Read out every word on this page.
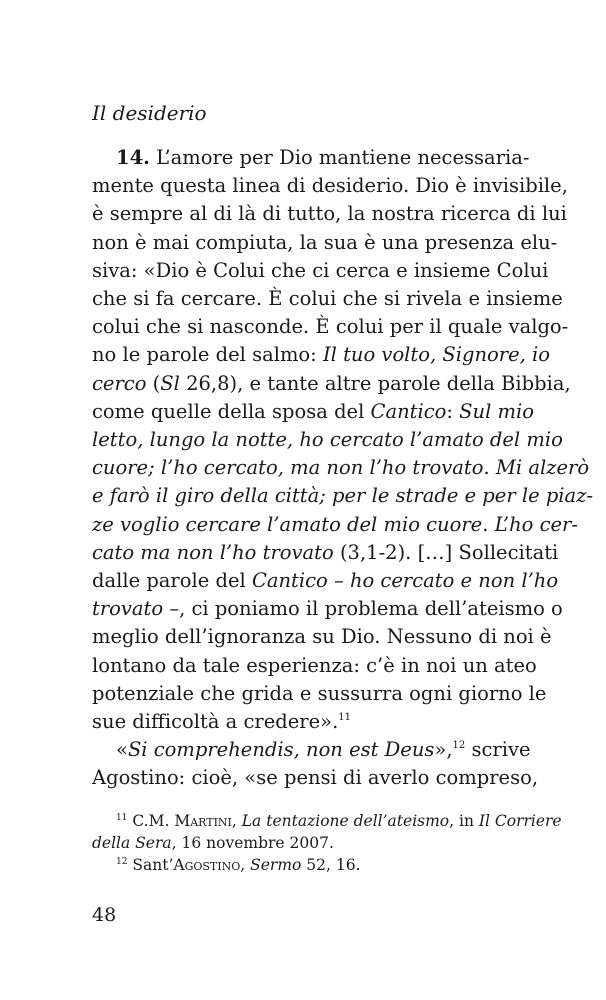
Il desiderio

14. L’amore per Dio mantiene necessaria-
mente questa linea di desiderio. Dio è invisibile,
è sempre al di là di tutto, la nostra ricerca di lui
non è mai compiuta, la sua è una presenza elu-
siva: «Dio è Colui che ci cerca e insieme Colui
che si fa cercare. È colui che si rivela e insieme
colui che si nasconde. È colui per il quale valgo-
no le parole del salmo: Il tuo volto, Signore, io
cerco (Sl 26,8), e tante altre parole della Bibbia,
come quelle della sposa del Cantico: Sul mio
letto, lungo la notte, ho cercato l’amato del mio
cuore; l’ho cercato, ma non l’ho trovato. Mi alzerò
e farò il giro della città; per le strade e per le piaz-
ze voglio cercare l’amato del mio cuore. L’ho cer-
cato ma non l’ho trovato (3,1-2). […] Sollecitati
dalle parole del Cantico – ho cercato e non l’ho
trovato –, ci poniamo il problema dell’ateismo o
meglio dell’ignoranza su Dio. Nessuno di noi è
lontano da tale esperienza: c’è in noi un ateo
potenziale che grida e sussurra ogni giorno le
sue difficoltà a credere».$^{11}$

«Si comprehendis, non est Deus»,$^{12}$ scrive
Agostino: cioè, «se pensi di averlo compreso,

$^{11}$ C.M. Martini, La tentazione dell’ateismo, in Il Corriere
della Sera, 16 novembre 2007.

$^{12}$ Sant’Agostino, Sermo 52, 16.

48
